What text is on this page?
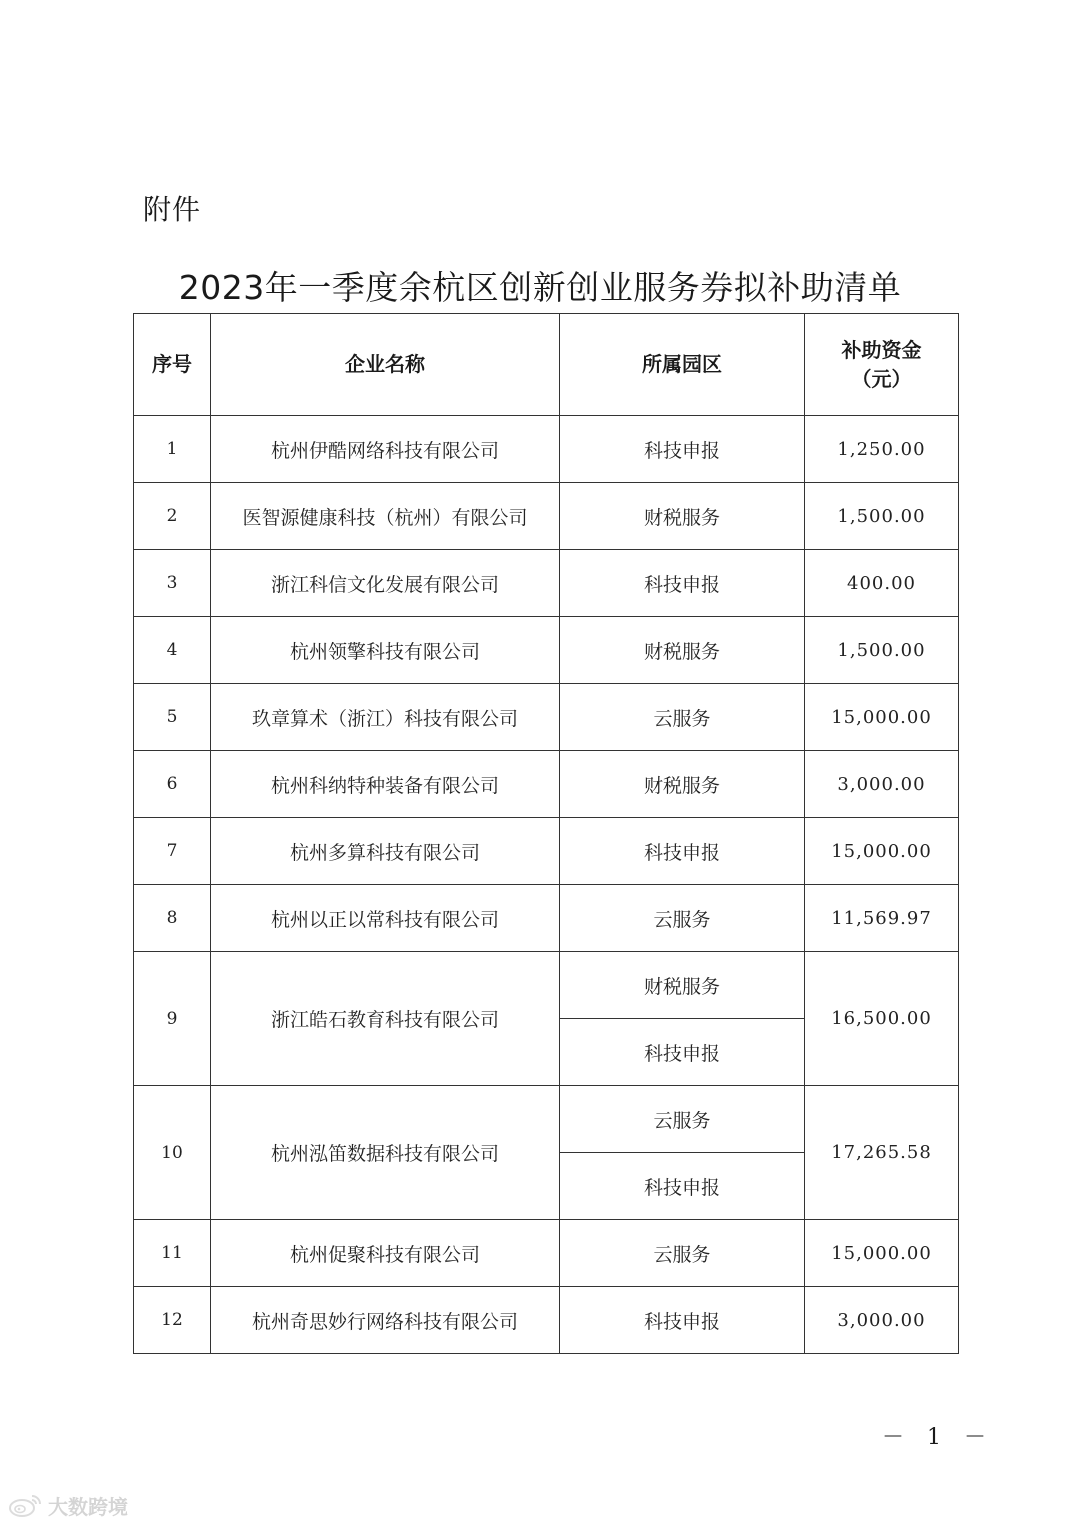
附件
2023年一季度余杭区创新创业服务券拟补助清单
序号	企业名称	所属园区	补助资金
（元）

1	杭州伊酷网络科技有限公司	科技申报	1,250.00
2	医智源健康科技（杭州）有限公司	财税服务	1,500.00
3	浙江科信文化发展有限公司	科技申报	400.00
4	杭州领擎科技有限公司	财税服务	1,500.00
5	玖章算术（浙江）科技有限公司	云服务	15,000.00
6	杭州科纳特种装备有限公司	财税服务	3,000.00
7	杭州多算科技有限公司	科技申报	15,000.00
8	杭州以正以常科技有限公司	云服务	11,569.97
9	浙江皓石教育科技有限公司	财税服务	16,500.00
		科技申报	
10	杭州泓笛数据科技有限公司	云服务	17,265.58
		科技申报	
11	杭州促聚科技有限公司	云服务	15,000.00
12	杭州奇思妙行网络科技有限公司	科技申报	3,000.00
－ 1 －
大数跨境
